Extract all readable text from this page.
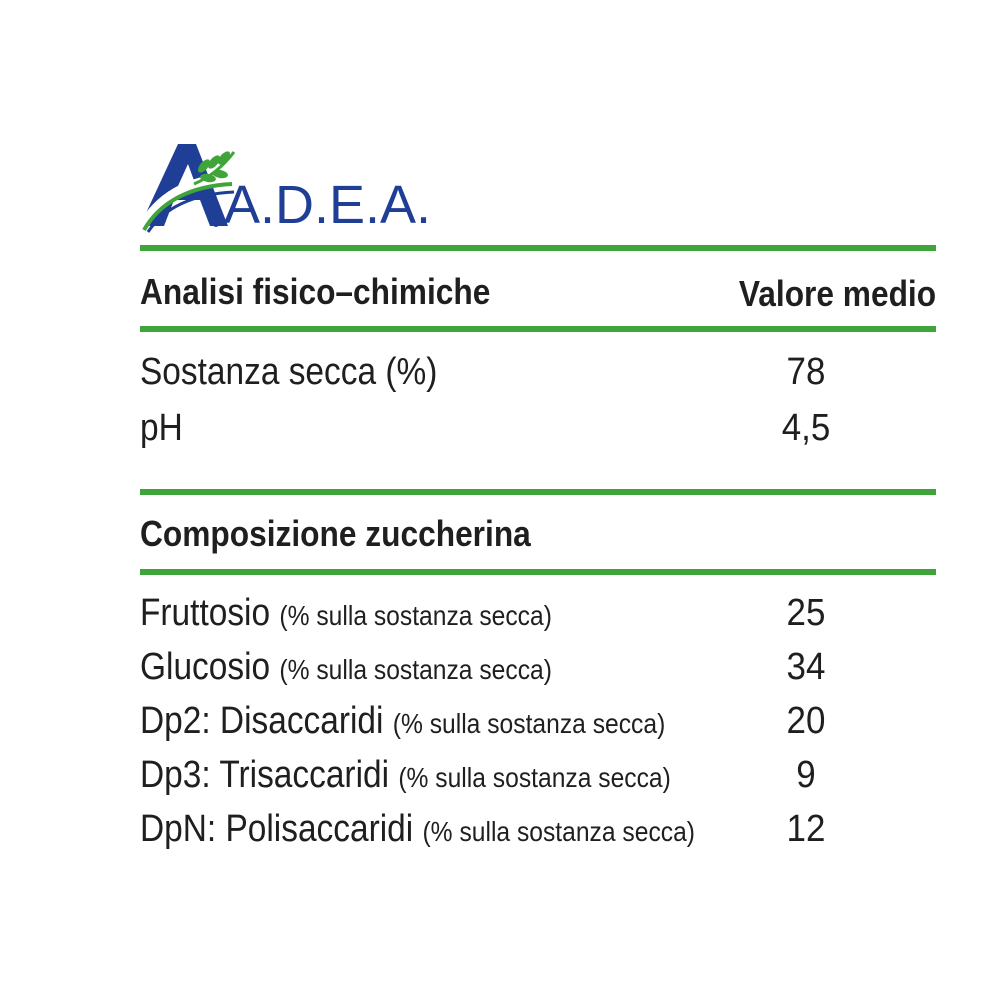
A.D.E.A.
Analisi fisico–chimiche	Valore medio
Sostanza secca (%)	78
pH	4,5
Composizione zuccherina
Fruttosio (% sulla sostanza secca)	25
Glucosio (% sulla sostanza secca)	34
Dp2: Disaccaridi (% sulla sostanza secca)	20
Dp3: Trisaccaridi (% sulla sostanza secca)	9
DpN: Polisaccaridi (% sulla sostanza secca)	12
